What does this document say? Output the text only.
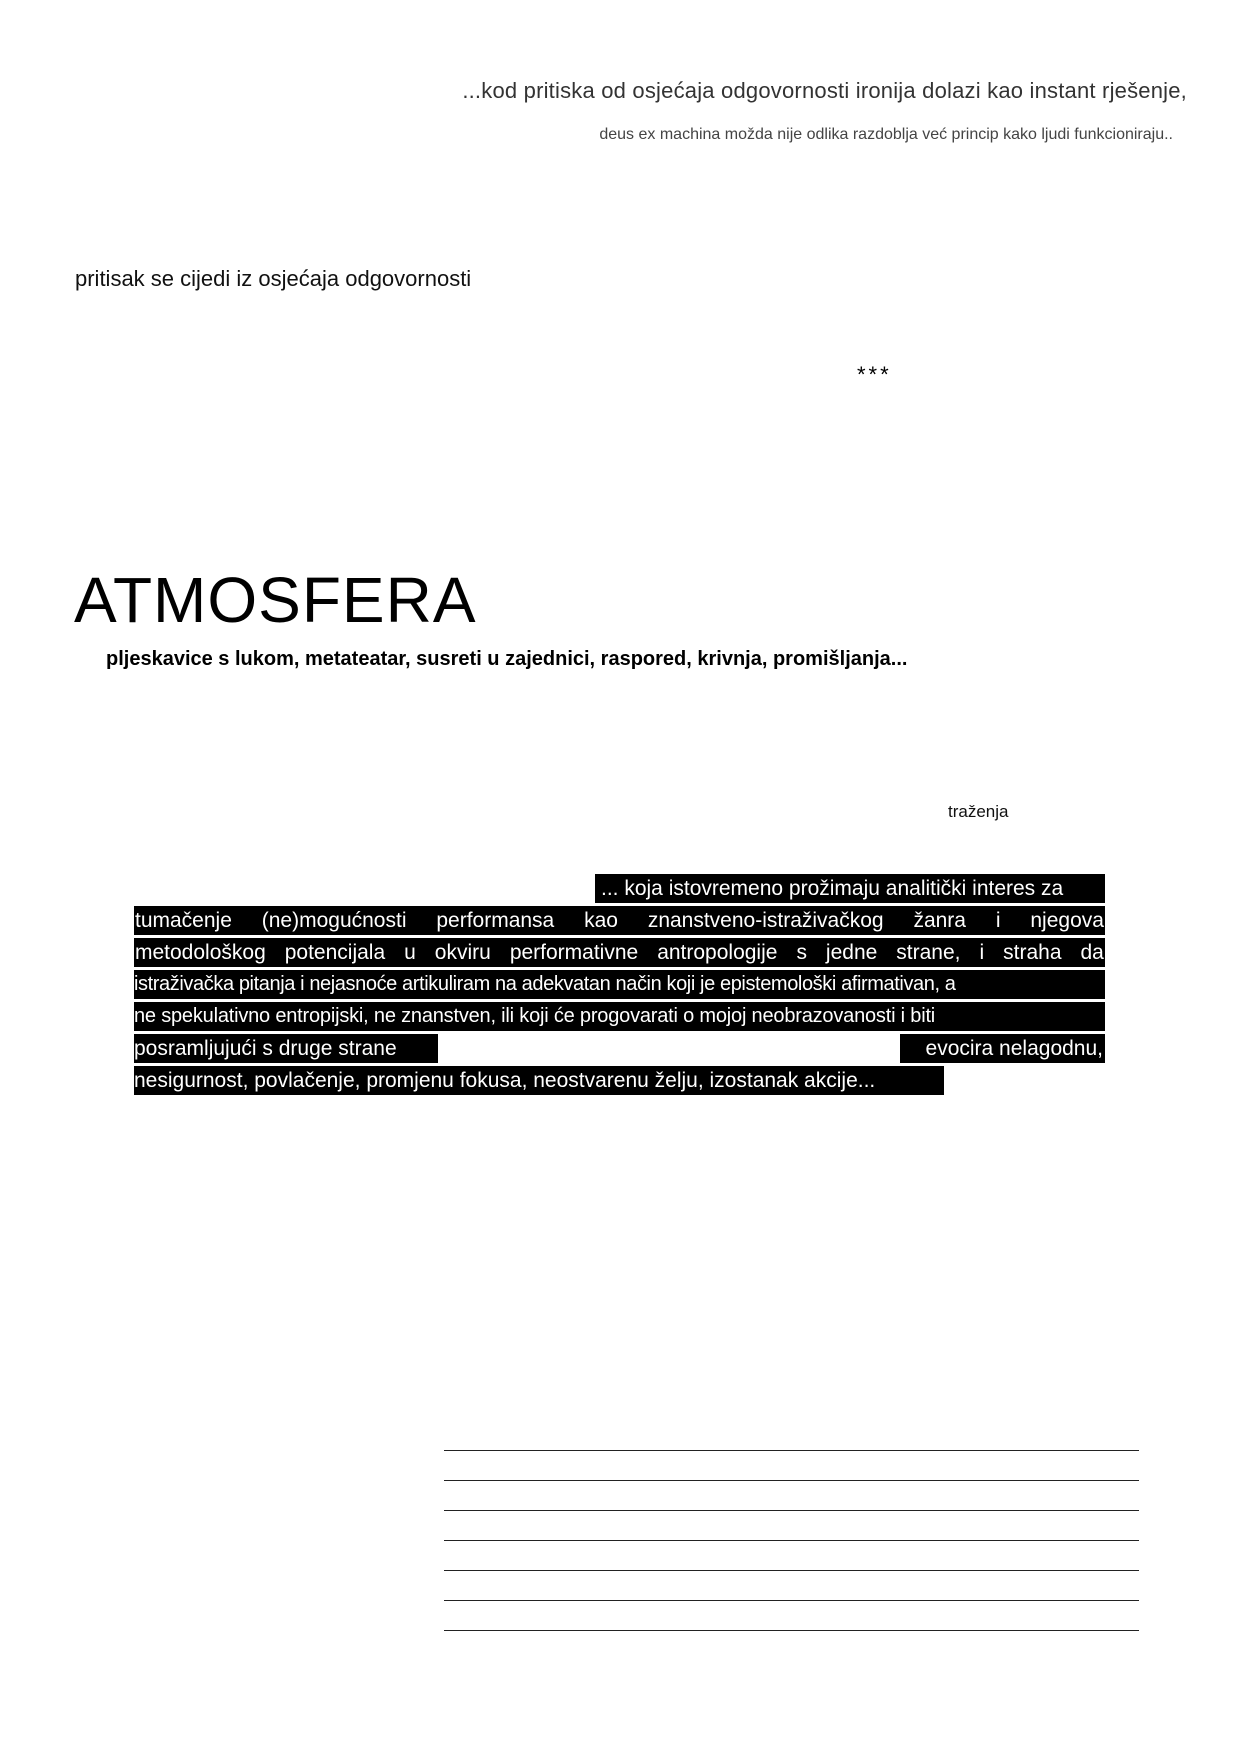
...kod pritiska od osjećaja odgovornosti ironija dolazi kao instant rješenje,

deus ex machina možda nije odlika razdoblja već princip kako ljudi funkcioniraju..

pritisak se cijedi iz osjećaja odgovornosti

***

ATMOSFERA

pljeskavice s lukom, metateatar, susreti u zajednici, raspored, krivnja, promišljanja...

traženja

... koja istovremeno prožimaju analitički interes za
tumačenje (ne)mogućnosti performansa kao znanstveno-istraživačkog žanra i njegova
metodološkog potencijala u okviru performativne antropologije s jedne strane, i straha da
istraživačka pitanja i nejasnoće artikuliram na adekvatan način koji je epistemološki afirmativan, a
ne spekulativno entropijski, ne znanstven, ili koji će progovarati o mojoj neobrazovanosti i biti
posramljujući s druge strane	evocira nelagodnu,
nesigurnost, povlačenje, promjenu fokusa, neostvarenu želju, izostanak akcije...
